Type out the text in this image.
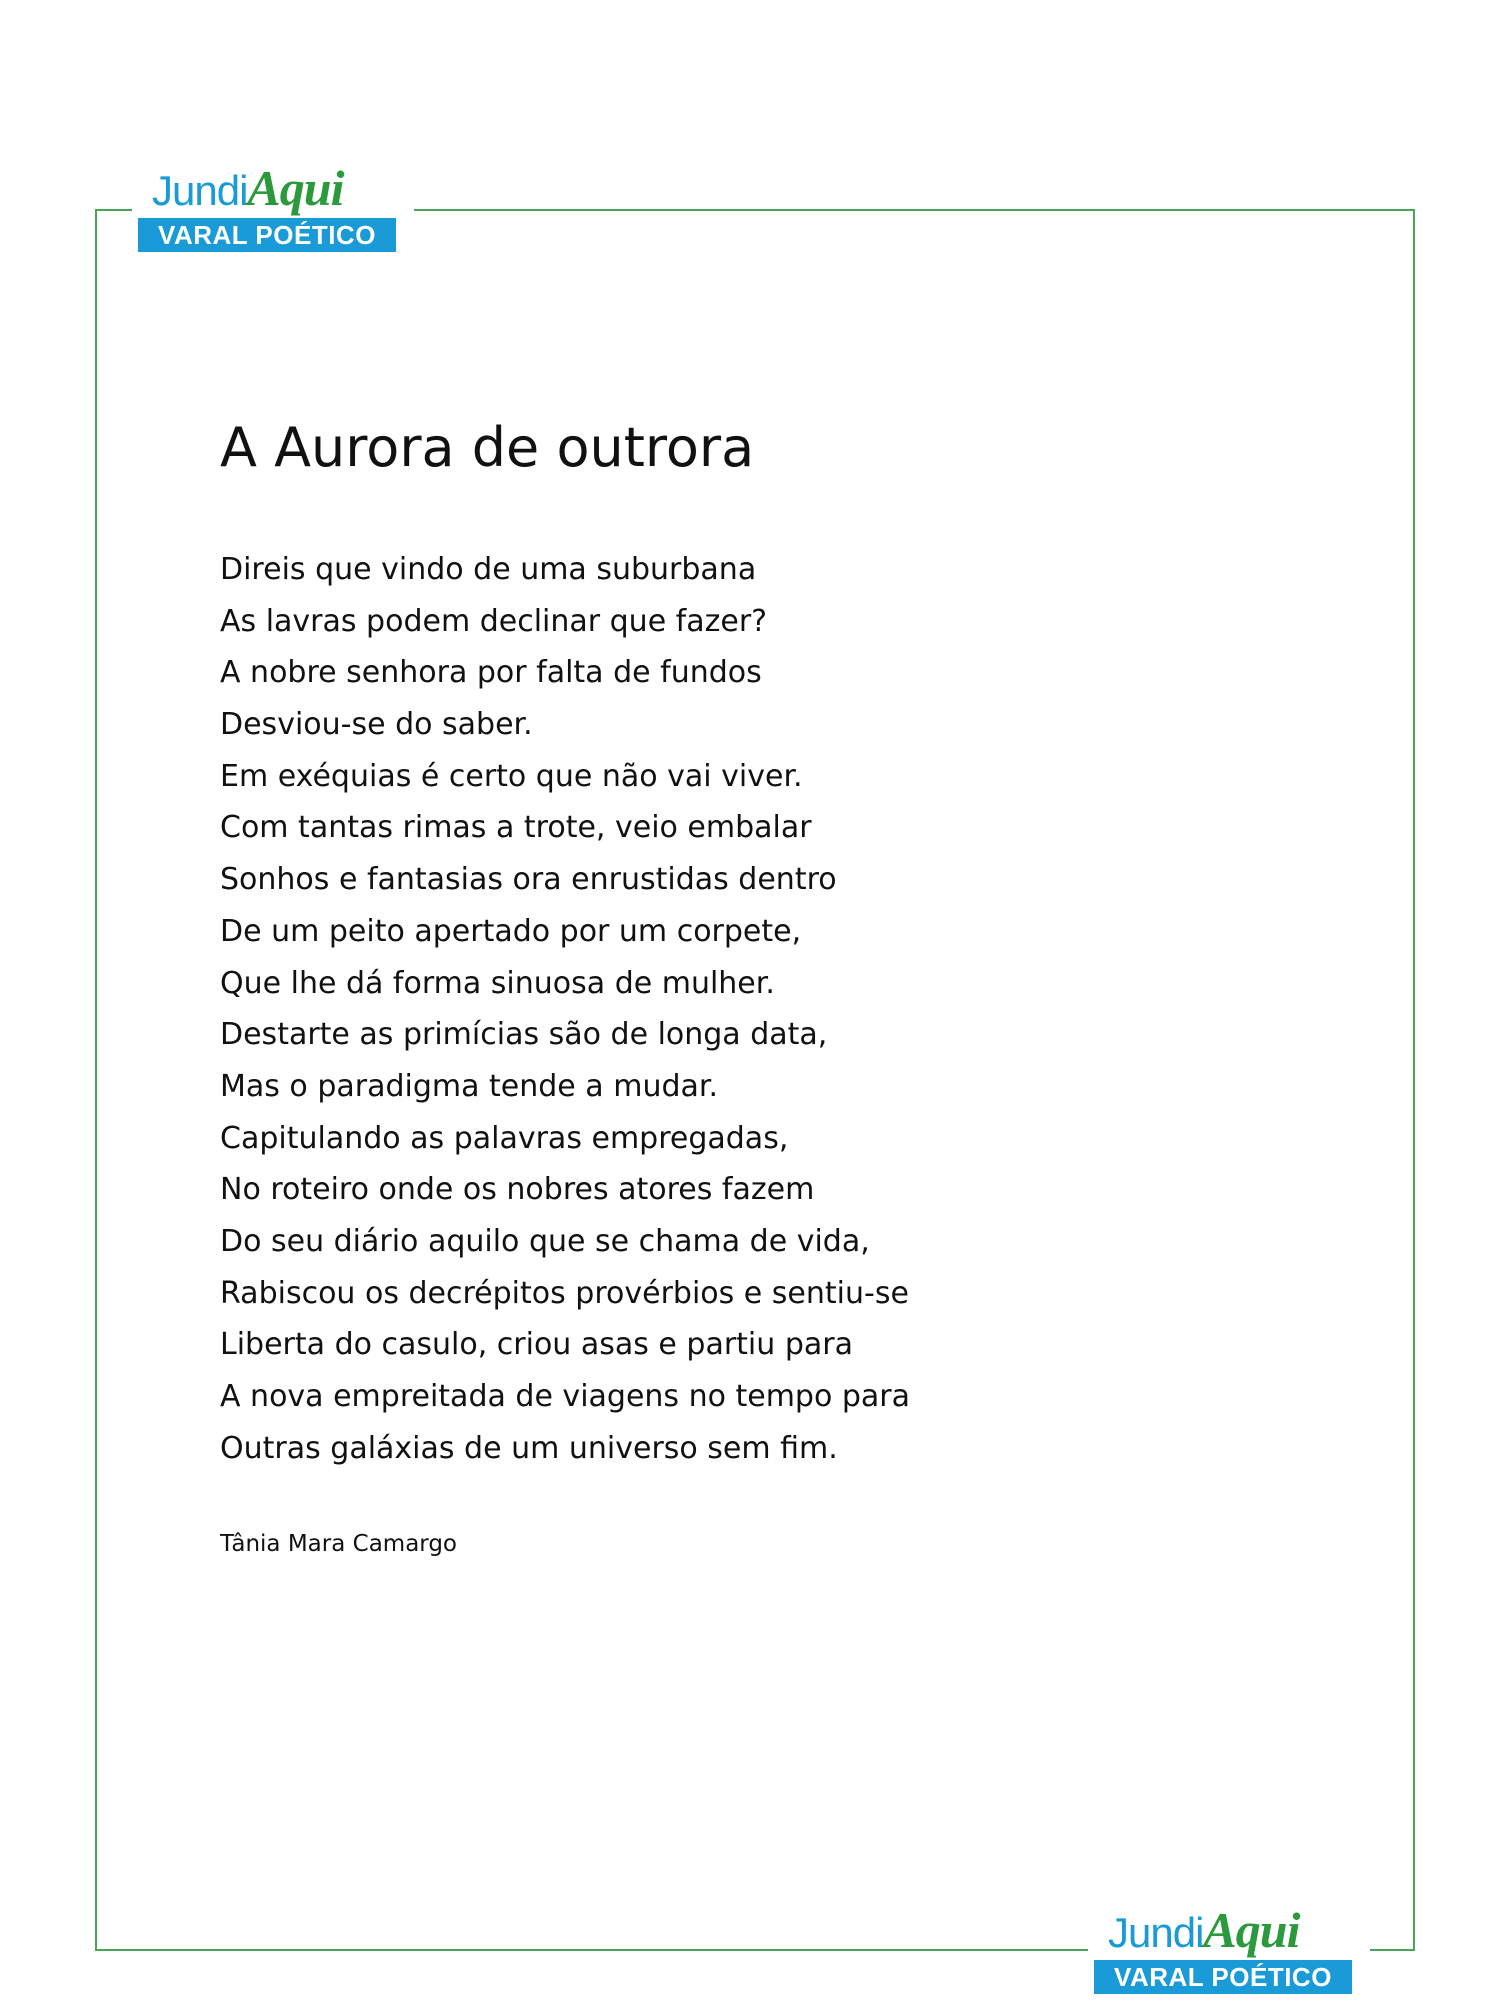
JundiAqui
VARAL POÉTICO
A Aurora de outrora
Direis que vindo de uma suburbana
As lavras podem declinar que fazer?
A nobre senhora por falta de fundos
Desviou-se do saber.
Em exéquias é certo que não vai viver.
Com tantas rimas a trote, veio embalar
Sonhos e fantasias ora enrustidas dentro
De um peito apertado por um corpete,
Que lhe dá forma sinuosa de mulher.
Destarte as primícias são de longa data,
Mas o paradigma tende a mudar.
Capitulando as palavras empregadas,
No roteiro onde os nobres atores fazem
Do seu diário aquilo que se chama de vida,
Rabiscou os decrépitos provérbios e sentiu-se
Liberta do casulo, criou asas e partiu para
A nova empreitada de viagens no tempo para
Outras galáxias de um universo sem fim.
Tânia Mara Camargo
JundiAqui
VARAL POÉTICO
